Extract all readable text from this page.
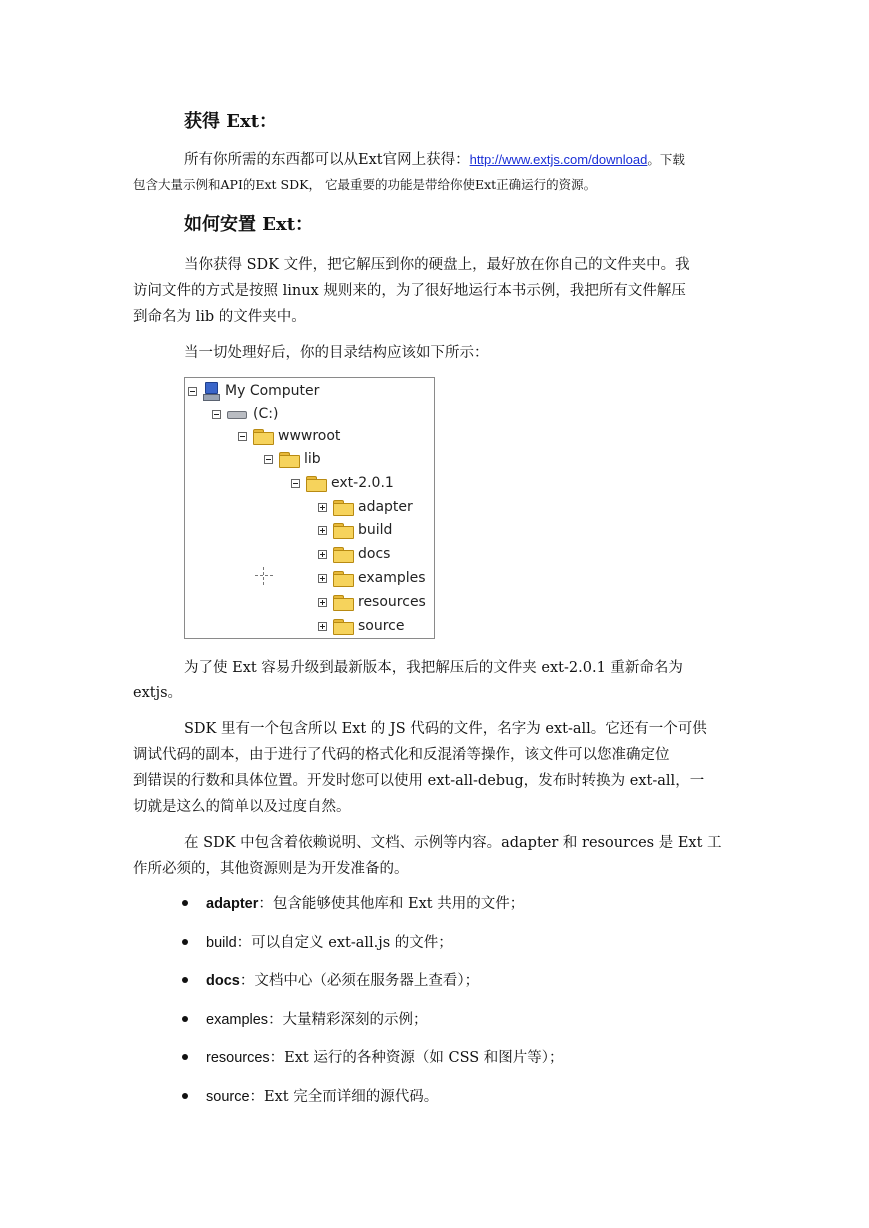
获得 Ext：
所有你所需的东西都可以从Ext官网上获得：http://www.extjs.com/download。下载
包含大量示例和API的Ext SDK， 它最重要的功能是带给你使Ext正确运行的资源。
如何安置 Ext：
当你获得 SDK 文件，把它解压到你的硬盘上，最好放在你自己的文件夹中。我
访问文件的方式是按照 linux 规则来的，为了很好地运行本书示例，我把所有文件解压
到命名为 lib 的文件夹中。
当一切处理好后，你的目录结构应该如下所示：
My Computer
(C:)
wwwroot
lib
ext-2.0.1
adapter
build
docs
examples
resources
source
为了使 Ext 容易升级到最新版本，我把解压后的文件夹 ext-2.0.1 重新命名为
extjs。
SDK 里有一个包含所以 Ext 的 JS 代码的文件，名字为 ext-all。它还有一个可供
调试代码的副本，由于进行了代码的格式化和反混淆等操作，该文件可以您准确定位
到错误的行数和具体位置。开发时您可以使用 ext-all-debug，发布时转换为 ext-all，一
切就是这么的简单以及过度自然。
在 SDK 中包含着依赖说明、文档、示例等内容。adapter 和 resources 是 Ext 工
作所必须的，其他资源则是为开发准备的。
adapter：包含能够使其他库和 Ext 共用的文件；
build：可以自定义 ext-all.js 的文件；
docs：文档中心（必须在服务器上查看）；
examples：大量精彩深刻的示例；
resources：Ext 运行的各种资源（如 CSS 和图片等）；
source：Ext 完全而详细的源代码。
